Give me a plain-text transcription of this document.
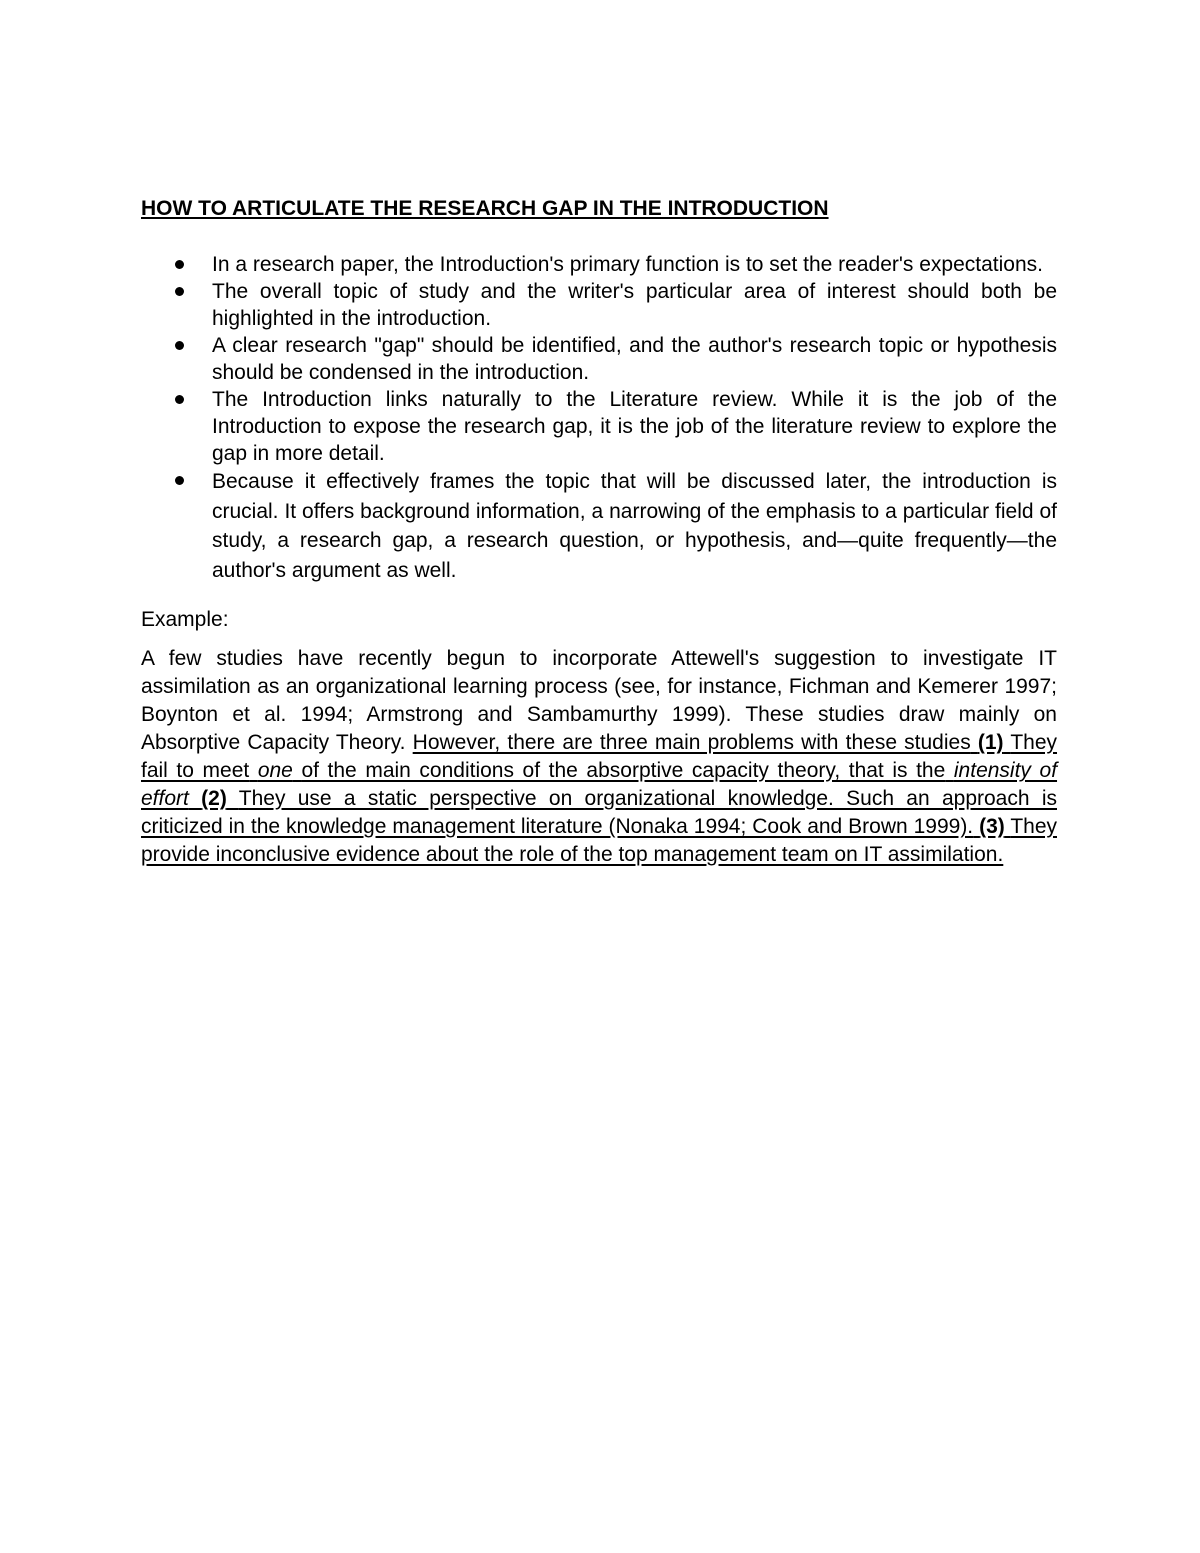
HOW TO ARTICULATE THE RESEARCH GAP IN THE INTRODUCTION
In a research paper, the Introduction's primary function is to set the reader's expectations.
The overall topic of study and the writer's particular area of interest should both be highlighted in the introduction.
A clear research "gap" should be identified, and the author's research topic or hypothesis should be condensed in the introduction.
The Introduction links naturally to the Literature review. While it is the job of the Introduction to expose the research gap, it is the job of the literature review to explore the gap in more detail.
Because it effectively frames the topic that will be discussed later, the introduction is crucial. It offers background information, a narrowing of the emphasis to a particular field of study, a research gap, a research question, or hypothesis, and—quite frequently—the author's argument as well.

Example:

A few studies have recently begun to incorporate Attewell's suggestion to investigate IT assimilation as an organizational learning process (see, for instance, Fichman and Kemerer 1997; Boynton et al. 1994; Armstrong and Sambamurthy 1999). These studies draw mainly on Absorptive Capacity Theory. However, there are three main problems with these studies (1) They fail to meet one of the main conditions of the absorptive capacity theory, that is the intensity of effort (2) They use a static perspective on organizational knowledge. Such an approach is criticized in the knowledge management literature (Nonaka 1994; Cook and Brown 1999). (3) They provide inconclusive evidence about the role of the top management team on IT assimilation.
